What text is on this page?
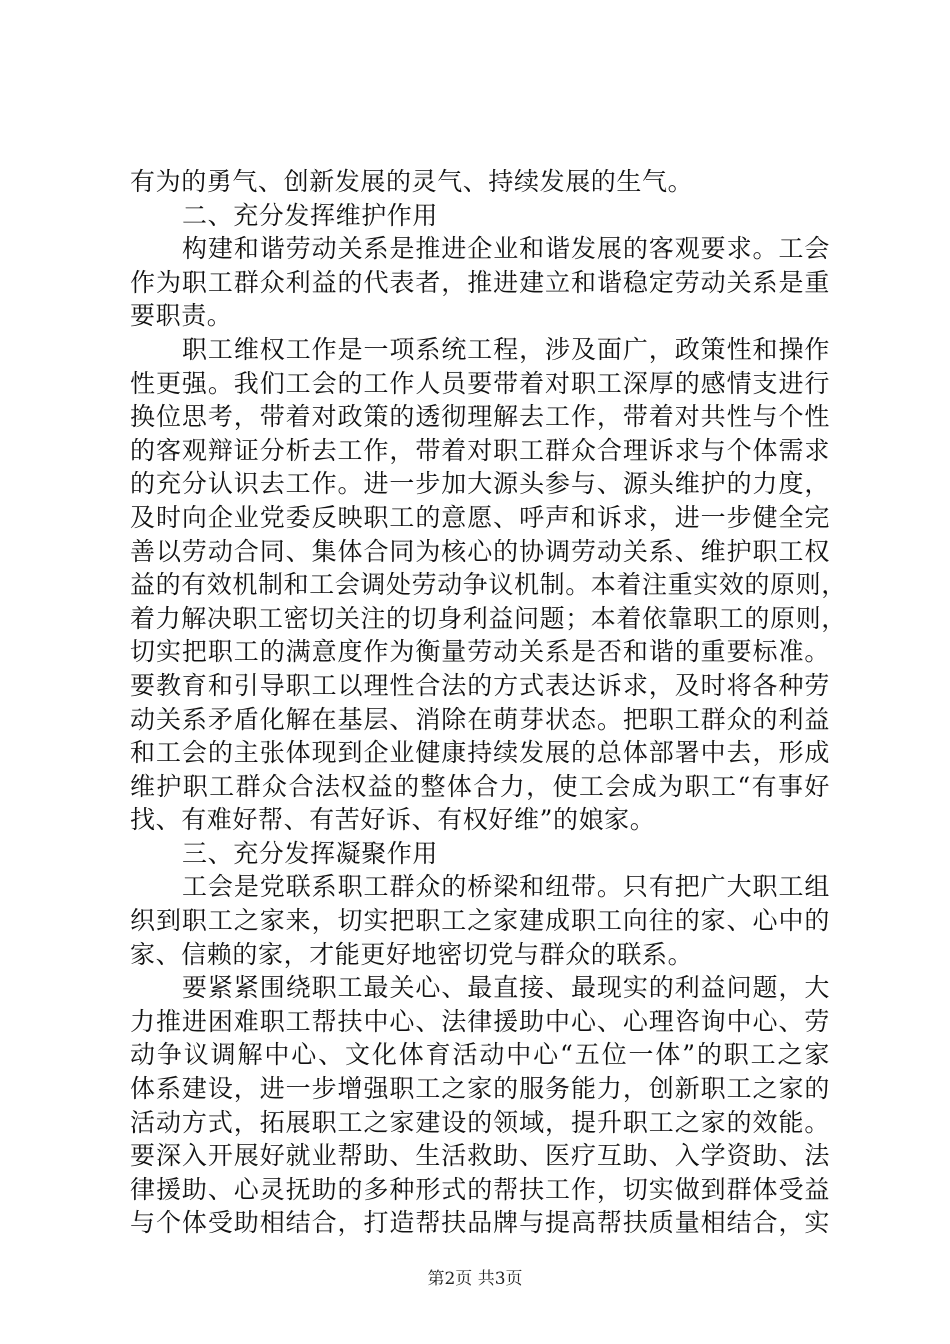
有为的勇气、创新发展的灵气、持续发展的生气。
二、充分发挥维护作用
构建和谐劳动关系是推进企业和谐发展的客观要求。工会
作为职工群众利益的代表者，推进建立和谐稳定劳动关系是重
要职责。
职工维权工作是一项系统工程，涉及面广，政策性和操作
性更强。我们工会的工作人员要带着对职工深厚的感情支进行
换位思考，带着对政策的透彻理解去工作，带着对共性与个性
的客观辩证分析去工作，带着对职工群众合理诉求与个体需求
的充分认识去工作。进一步加大源头参与、源头维护的力度，
及时向企业党委反映职工的意愿、呼声和诉求，进一步健全完
善以劳动合同、集体合同为核心的协调劳动关系、维护职工权
益的有效机制和工会调处劳动争议机制。本着注重实效的原则，
着力解决职工密切关注的切身利益问题；本着依靠职工的原则，
切实把职工的满意度作为衡量劳动关系是否和谐的重要标准。
要教育和引导职工以理性合法的方式表达诉求，及时将各种劳
动关系矛盾化解在基层、消除在萌芽状态。把职工群众的利益
和工会的主张体现到企业健康持续发展的总体部署中去，形成
维护职工群众合法权益的整体合力，使工会成为职工“有事好
找、有难好帮、有苦好诉、有权好维”的娘家。
三、充分发挥凝聚作用
工会是党联系职工群众的桥梁和纽带。只有把广大职工组
织到职工之家来，切实把职工之家建成职工向往的家、心中的
家、信赖的家，才能更好地密切党与群众的联系。
要紧紧围绕职工最关心、最直接、最现实的利益问题，大
力推进困难职工帮扶中心、法律援助中心、心理咨询中心、劳
动争议调解中心、文化体育活动中心“五位一体”的职工之家
体系建设，进一步增强职工之家的服务能力，创新职工之家的
活动方式，拓展职工之家建设的领域，提升职工之家的效能。
要深入开展好就业帮助、生活救助、医疗互助、入学资助、法
律援助、心灵抚助的多种形式的帮扶工作，切实做到群体受益
与个体受助相结合，打造帮扶品牌与提高帮扶质量相结合，实
第2页 共3页
